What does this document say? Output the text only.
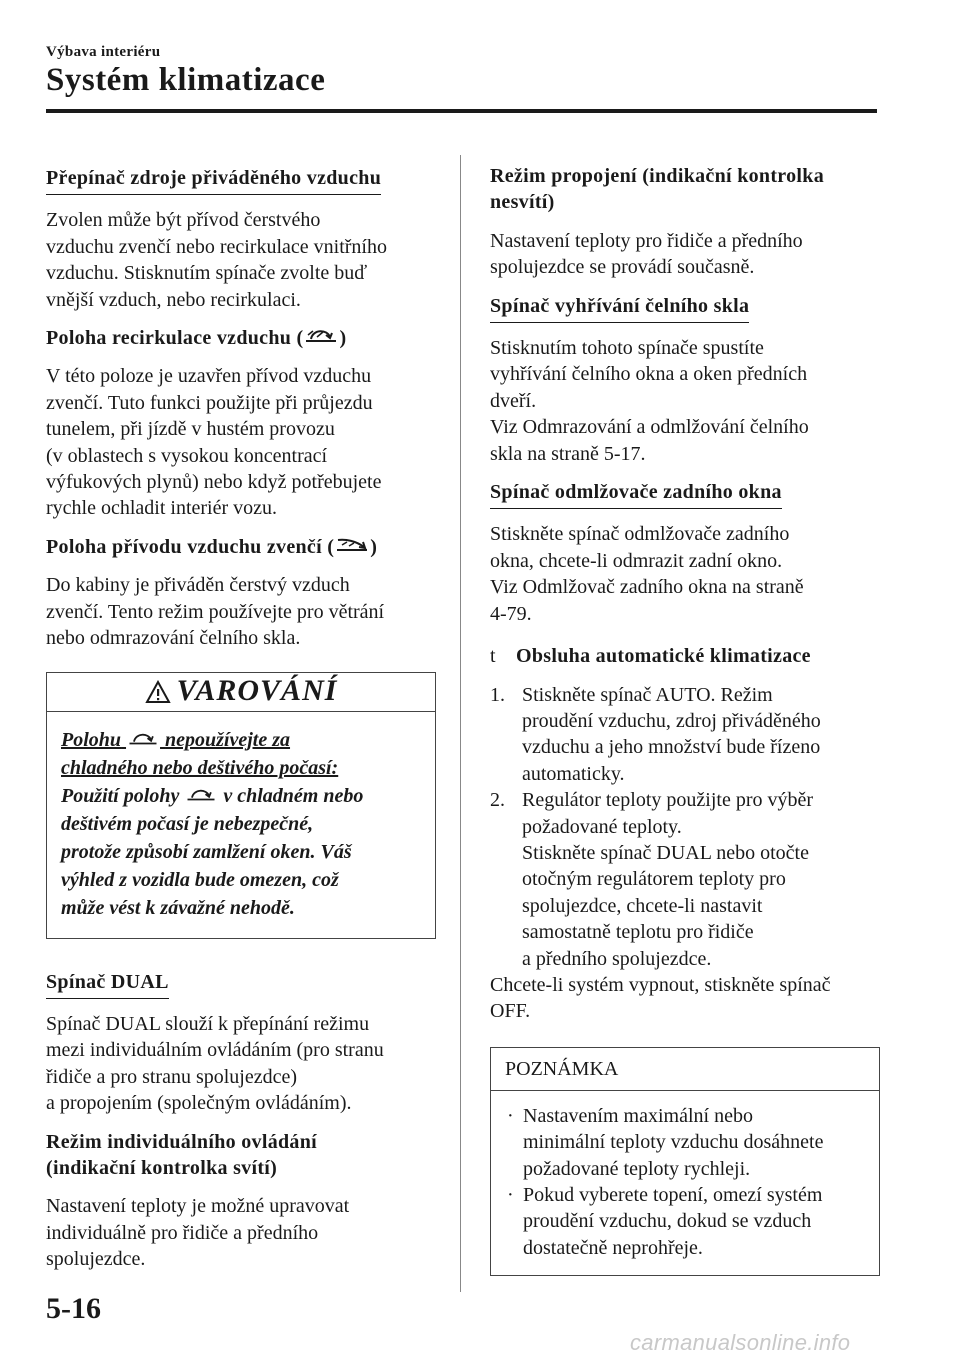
Výbava interiéru
Systém klimatizace
Přepínač zdroje přiváděného vzduchu

Zvolen může být přívod čerstvého
vzduchu zvenčí nebo recirkulace vnitřního
vzduchu. Stisknutím spínače zvolte buď
vnější vzduch, nebo recirkulaci.

Poloha recirkulace vzduchu ( )

V této poloze je uzavřen přívod vzduchu
zvenčí. Tuto funkci použijte při průjezdu
tunelem, při jízdě v hustém provozu
(v oblastech s vysokou koncentrací
výfukových plynů) nebo když potřebujete
rychle ochladit interiér vozu.

Poloha přívodu vzduchu zvenčí ( )

Do kabiny je přiváděn čerstvý vzduch
zvenčí. Tento režim používejte pro větrání
nebo odmrazování čelního skla.

VAROVÁNÍ
Polohu nepoužívejte za
chladného nebo deštivého počasí:
Použití polohy v chladném nebo
deštivém počasí je nebezpečné,
protože způsobí zamlžení oken. Váš
výhled z vozidla bude omezen, což
může vést k závažné nehodě.
Spínač DUAL

Spínač DUAL slouží k přepínání režimu
mezi individuálním ovládáním (pro stranu
řidiče a pro stranu spolujezdce)
a propojením (společným ovládáním).

Režim individuálního ovládání
(indikační kontrolka svítí)

Nastavení teploty je možné upravovat
individuálně pro řidiče a předního
spolujezdce.

Režim propojení (indikační kontrolka
nesvítí)

Nastavení teploty pro řidiče a předního
spolujezdce se provádí současně.

Spínač vyhřívání čelního skla

Stisknutím tohoto spínače spustíte
vyhřívání čelního okna a oken předních
dveří.
Viz Odmrazování a odmlžování čelního
skla na straně 5-17.

Spínač odmlžovače zadního okna

Stiskněte spínač odmlžovače zadního
okna, chcete-li odmrazit zadní okno.
Viz Odmlžovač zadního okna na straně
4-79.

t Obsluha automatické klimatizace

1. Stiskněte spínač AUTO. Režim
proudění vzduchu, zdroj přiváděného
vzduchu a jeho množství bude řízeno
automaticky.
2. Regulátor teploty použijte pro výběr
požadované teploty.
Stiskněte spínač DUAL nebo otočte
otočným regulátorem teploty pro
spolujezdce, chcete-li nastavit
samostatně teplotu pro řidiče
a předního spolujezdce.

Chcete-li systém vypnout, stiskněte spínač
OFF.

POZNÁMKA
· Nastavením maximální nebo
minimální teploty vzduchu dosáhnete
požadované teploty rychleji.
· Pokud vyberete topení, omezí systém
proudění vzduchu, dokud se vzduch
dostatečně neprohřeje.
5-16
carmanualsonline.info
